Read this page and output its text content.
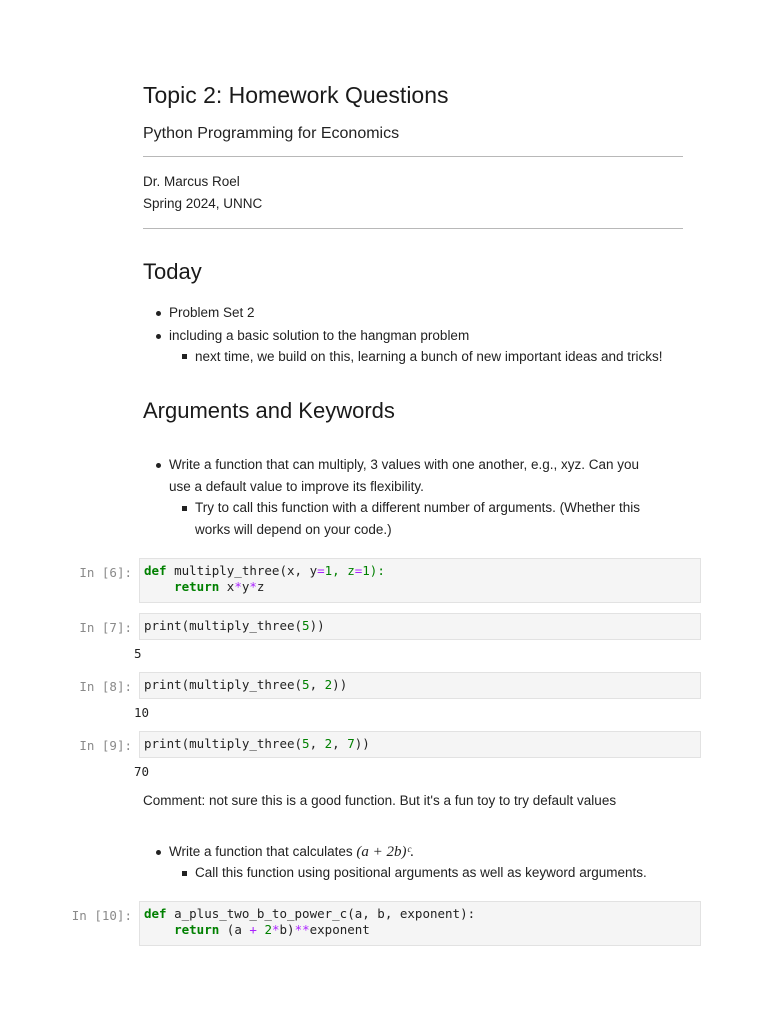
Topic 2: Homework Questions
Python Programming for Economics
Dr. Marcus Roel
Spring 2024, UNNC
Today
Problem Set 2
including a basic solution to the hangman problem
next time, we build on this, learning a bunch of new important ideas and tricks!
Arguments and Keywords
Write a function that can multiply, 3 values with one another, e.g., xyz. Can you
use a default value to improve its flexibility.
Try to call this function with a different number of arguments. (Whether this
works will depend on your code.)
In [6]: def multiply_three(x, y=1, z=1):
return x*y*z
In [7]: print(multiply_three(5))
5
In [8]: print(multiply_three(5, 2))
10
In [9]: print(multiply_three(5, 2, 7))
70
Comment: not sure this is a good function. But it's a fun toy to try default values
Write a function that calculates (a + 2b)ᶜ.
Call this function using positional arguments as well as keyword arguments.
In [10]: def a_plus_two_b_to_power_c(a, b, exponent):
return (a + 2*b)**exponent
